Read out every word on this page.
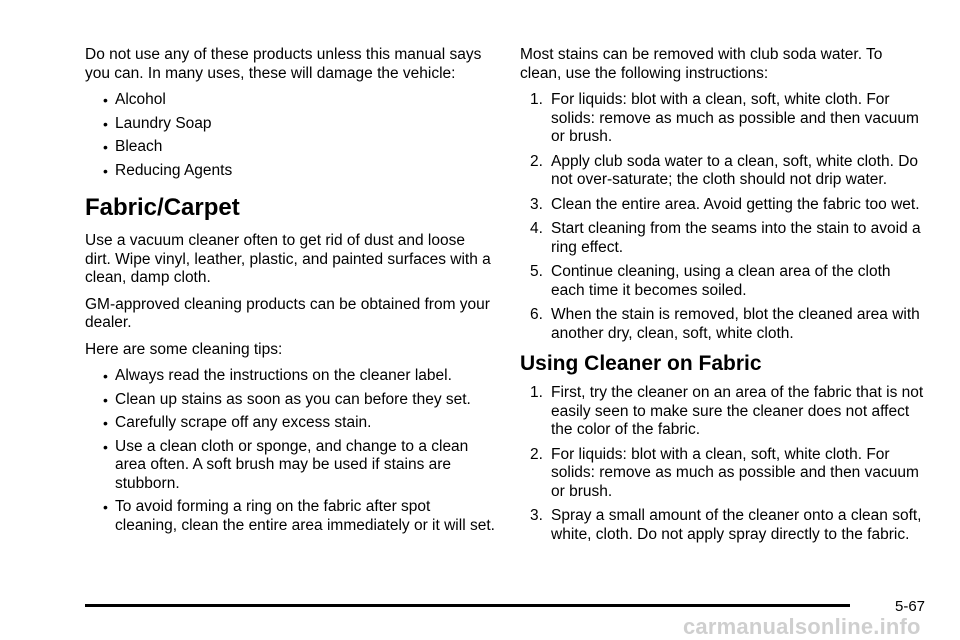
Do not use any of these products unless this manual says you can. In many uses, these will damage the vehicle:

• Alcohol
• Laundry Soap
• Bleach
• Reducing Agents
Fabric/Carpet

Use a vacuum cleaner often to get rid of dust and loose dirt. Wipe vinyl, leather, plastic, and painted surfaces with a clean, damp cloth.

GM-approved cleaning products can be obtained from your dealer.

Here are some cleaning tips:

• Always read the instructions on the cleaner label.
• Clean up stains as soon as you can before they set.
• Carefully scrape off any excess stain.
• Use a clean cloth or sponge, and change to a clean area often. A soft brush may be used if stains are stubborn.
• To avoid forming a ring on the fabric after spot cleaning, clean the entire area immediately or it will set.

Most stains can be removed with club soda water. To clean, use the following instructions:

1. For liquids: blot with a clean, soft, white cloth. For solids: remove as much as possible and then vacuum or brush.
2. Apply club soda water to a clean, soft, white cloth. Do not over-saturate; the cloth should not drip water.
3. Clean the entire area. Avoid getting the fabric too wet.
4. Start cleaning from the seams into the stain to avoid a ring effect.
5. Continue cleaning, using a clean area of the cloth each time it becomes soiled.
6. When the stain is removed, blot the cleaned area with another dry, clean, soft, white cloth.
Using Cleaner on Fabric
1. First, try the cleaner on an area of the fabric that is not easily seen to make sure the cleaner does not affect the color of the fabric.
2. For liquids: blot with a clean, soft, white cloth. For solids: remove as much as possible and then vacuum or brush.
3. Spray a small amount of the cleaner onto a clean soft, white, cloth. Do not apply spray directly to the fabric.
5-67
carmanualsonline.info
